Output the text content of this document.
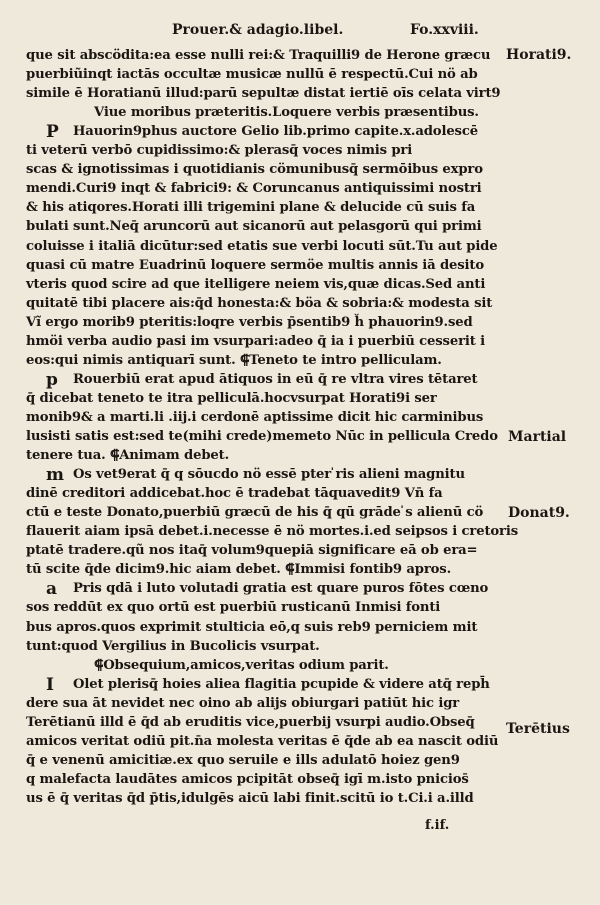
Prouer.& adagio.libel.	Fo.xxviii.
que sit abscödita:ea esse nulli rei:& Traquilli9 de Herone græcu
puerbiũinqt iactās occultæ musicæ nullū ē respectū.Cui nö ab
simile ē Horatianū illud:parū sepultæ distat iertiē oīs celata virt9
Viue moribus præteritis.Loquere verbis præsentibus.
Hauorin9phus auctore Gelio lib.primo capite.x.adolescē
P
ti veterū verbō cupidissimo:& plerasq̄ voces nimis pri
scas & ignotissimas i quotidianis cömunibusq̄ sermōibus expro
mendi.Curi9 inqt & fabrici9: & Coruncanus antiquissimi nostri
& his atiqores.Horati illi trigemini plane & delucide cū suis fa
bulati sunt.Neq̄ aruncorū aut sicanorū aut pelasgorū qui primi
coluisse i italiā dicūtur:sed etatis sue verbi locuti sūt.Tu aut pide
quasi cū matre Euadrinū loquere sermöe multis annis iā desito
vteris quod scire ad que itelligere neiem vis,quæ dicas.Sed anti
quitatē tibi placere ais:q̄d honesta:& böa & sobria:& modesta sit
Vĩ ergo morib9 pteritis:loqre verbis p̄sentib9 ȟ phauorin9.sed
hmöi verba audio pasi im vsurpari:adeo q̄ ia i puerbiū cesserit i
eos:qui nimis antiquarī sunt. ⸿Teneto te intro pelliculam.
Rouerbiū erat apud ātiquos in eū q̄ re vltra vires tētaret
p
q̄ dicebat teneto te itra pelliculā.hocvsurpat Horati9i ser
monib9& a marti.li .iij.i cerdonē aptissime dicit hic carminibus
lusisti satis est:sed te(mihi crede)memeto Nūc in pellicula Credo
tenere tua. ⸿Animam debet.
Os vet9erat q̄ q sōucdo nö essē pter ̍ris alieni magnitu
m
dinē creditori addicebat.hoc ē tradebat tāquavedit9 Vn̄ fa
ctū e teste Donato,puerbiū græcū de his q̄ qū grāde ̍s alienū cö
flauerit aiam ipsā debet.i.necesse ē nö mortes.i.ed seipsos i cretoris
ptatē tradere.qũ nos itaq̄ volum9quepiā significare eā ob era=
tū scite q̄de dicim9.hic aiam debet. ⸿Immisi fontib9 apros.
Pris qdā i luto volutadi gratia est quare puros fōtes cœno
a
sos reddūt ex quo ortū est puerbiū rusticanū Inmisi fonti
bus apros.quos exprimit stulticia eō,q suis reb9 perniciem mit
tunt:quod Vergilius in Bucolicis vsurpat.
⸿Obsequium,amicos,veritas odium parit.
Olet plerisq̄ hoies aliea flagitia pcupide & videre atq̄ reph̄
I
dere sua āt nevidet nec oino ab alijs obiurgari patiūt hic igr
Terētianū illd ē q̄d ab eruditis vice,puerbij vsurpi audio.Obseq̄
amicos veritat odiū pit.n̄a molesta veritas ē q̄de ab ea nascit odiū
q̄ e venenū amicitiæ.ex quo seruile e ills adulatō hoiez gen9
q malefacta laudātes amicos pcipitāt obseq̄ igī m.isto pnicios̄
us ē q̄ veritas q̄d p̄tis,idulgēs aicū labi finit.scitū io t.Ci.i a.illd
Horati9.
Martial
Donat9.
Terētius
f.if.
